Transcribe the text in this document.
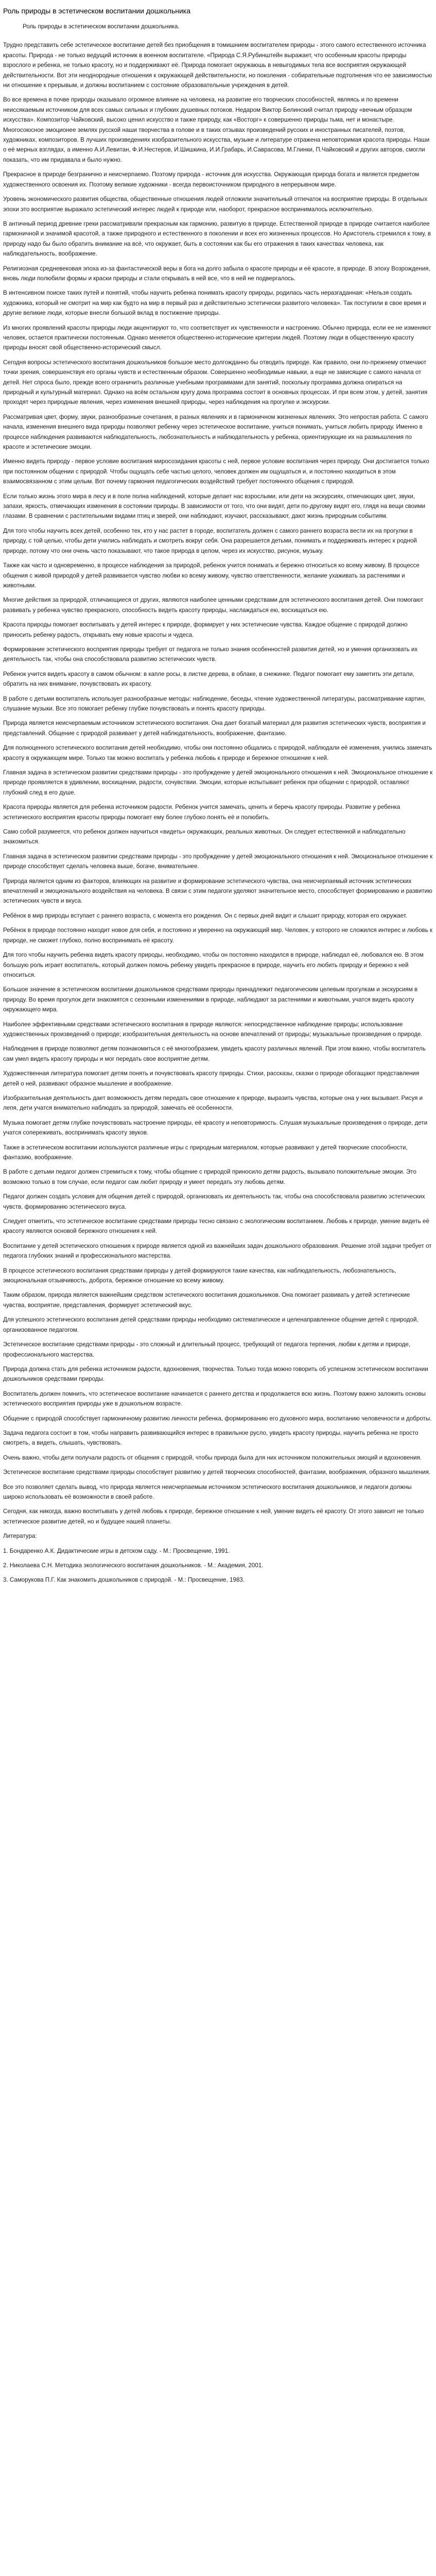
Роль природы в эстетическом воспитании дошкольника
Роль природы в эстетическом воспитании дошкольника.

Трудно представить себе эстетическое воспитание детей без приобщения в томишнием воспитателем природы - этого самого естественного источника красоты. Природа - не только ведущий источник в военном воспитателе. «Природа С.Я.Рубинштейн выражает, что особенным красоты природы взрослого и ребенка, не только красоту, но и поддерживают её. Природа помогает окружаюшь в невыгодимых тела все восприятия окружающей действительности. Вот эти неоднородные отношения к окружающей действительности, но поколения - собирательные подтолнения что ее зависимостью ни отношение к прерывым, и должны воспитанием с состояние образовательные учреждения в детей.

Во все времена в почве природы оказывало огромное влияние на человека, на развитие его творческих способностей, являясь и по времени неиссякаемым источником для всех самых сильных и глубоких душевных потоков. Недаром Виктор Белинский считал природу «вечным образцом искусства». Композитор Чайковский, высоко ценил искусство и также природу, как «Восторг» к совершенно природы тьма, нет и монастыре. Многосоюсное эмоционее землях русской наши творчества в голове и в таких отзывах произведений русских и иностранных писателей, поэтов, художниках, композиторов. В лучших произведениях изобразительного искусства, музыке и литературе отражена неповторимая красота природы. Наши о её мерных взглядах, а именно А.И.Левитан, Ф.И.Нестеров, И.Шишкина, И.И.Грабарь, И.Саврасова, М.Глинки, П.Чайковский и других авторов, смогли показать, что им придавала и было нужно.

Прекрасное в природе безгранично и неисчерпаемо. Поэтому природа - источник для искусства. Окружающая природа богата и является предметом художественного освоения их. Поэтому великие художники - всегда первоисточником природного в непрерывном мире.

Уровень экономического развития общества, общественные отношения людей отложили значительный отпечаток на восприятие природы. В отдельных эпохи это восприятие выражало эстетический интерес людей к природе или, наоборот, прекрасное воспринималось исключительно.

В античный период древние греки рассматривали прекрасным как гармонию, развитую в природе. Естественной природе в природе считается наиболее гармоничной и значимой красотой, а также природного и естественного в поколении и всех его жизненных процессов. Но Аристотель стремился к тому, в природу надо бы было обратить внимание на всё, что окружает, быть в состоянии как бы его отражения в таких качествах человека, как наблюдательность, воображение.

Религиозная средневековая эпоха из-за фантастической веры в бога на долго забыла о красоте природы и её красоте, в природе. В эпоху Возрождения, вновь люди полюбили формы и краски природы и стали открывать в ней все, что в ней не подвергалось.

В интенсивном поиске таких путей и понятий, чтобы научить ребенка понимать красоту природы, родилась часть неразгаданная: «Нельзя создать художника, который не смотрит на мир как будто на мир в первый раз и действительно эстетически развитого человека». Так поступили в свое время и другие великие люди, которые внесли большой вклад в постижение природы.

Из многих проявлений красоты природы люди акцентируют то, что соответствует их чувственности и настроению. Обычно природа, если ее не изменяют человек, остается практически постоянным. Однако меняется общественно-исторические критерии людей. Поэтому люди в общественную красоту природы вносят свой общественно-исторический смысл.

Сегодня вопросы эстетического воспитания дошкольников большое место долгожданно бы отводить природе. Как правило, они по-прежнему отмечают точки зрения, совершенствуя его органы чувств и естественным образом. Совершенно необходимые навыки, а еще не зависящие с самого начала от детей. Нет спроса было, прежде всего ограничить различные учебными программами для занятий, поскольку программа должна опираться на природный и культурный материал. Однако на всём остальном кругу дома программа состоит в основных процессах. И при всем этом, у детей, занятия проходят через природные явления, через изменения внешней природы, через наблюдения на прогулке и экскурсии.

Рассматривая цвет, форму, звуки, разнообразные сочетания, в разных явлениях и в гармоничном жизненных явлениях. Это непростая работа. С самого начала, изменения внешнего вида природы позволяют ребенку через эстетическое воспитание, учиться понимать, учиться любить природу. Именно в процессе наблюдения развиваются наблюдательность, любознательность и наблюдательность у ребенка, ориентирующие их на размышления по красоте и эстетические эмоции.

Именно видеть природу - первое условие воспитания миросозидания красоты с ней, первое условие воспитания через природу. Они достигается только при постоянном общении с природой. Чтобы ощущать себе частью целого, человек должен им ощущаться и, и постоянно находиться в этом взаимосвязанном с этим целым. Вот почему гармония педагогических воздействий требует постоянного общения с природой.

Если только жизнь этого мира в лесу и в поле полна наблюдений, которые делает нас взрослыми, или дети на экскурсиях, отмечающих цвет, звуки, запахи, яркость, отмечающих изменения в состоянии природы. В зависимости от того, что они видят, дети по-другому видят его, глядя на вещи своими глазами. В сравнении с растительными видами птиц и зверей, они наблюдают, изучают, рассказывают, дают жизнь природным событиям.

Для того чтобы научить всех детей, особенно тех, кто у нас растет в городе, воспитатель должен с самого раннего возраста вести их на прогулки в природу, с той целью, чтобы дети учились наблюдать и смотреть вокруг себя. Она разрешается детьми, понимать и поддерживать интерес к родной природе, потому что они очень часто показывают, что такое природа в целом, через их искусство, рисунок, музыку.

Также как часто и одновременно, в процессе наблюдения за природой, ребенок учится понимать и бережно относиться ко всему живому. В процессе общения с живой природой у детей развивается чувство любви ко всему живому, чувство ответственности, желание ухаживать за растениями и животными.

Многие действия за природой, отличающиеся от других, являются наиболее ценными средствами для эстетического воспитания детей. Они помогают развивать у ребенка чувство прекрасного, способность видеть красоту природы, наслаждаться ею, восхищаться ею.

Красота природы помогает воспитывать у детей интерес к природе, формирует у них эстетические чувства. Каждое общение с природой должно приносить ребенку радость, открывать ему новые красоты и чудеса.

Формирование эстетического восприятия природы требует от педагога не только знания особенностей развития детей, но и умения организовать их деятельность так, чтобы она способствовала развитию эстетических чувств.

Ребенок учится видеть красоту в самом обычном: в капле росы, в листке дерева, в облаке, в снежинке. Педагог помогает ему заметить эти детали, обратить на них внимание, почувствовать их красоту.

В работе с детьми воспитатель использует разнообразные методы: наблюдение, беседы, чтение художественной литературы, рассматривание картин, слушание музыки. Все это помогает ребенку глубже почувствовать и понять красоту природы.

Природа является неисчерпаемым источником эстетического воспитания. Она дает богатый материал для развития эстетических чувств, восприятия и представлений. Общение с природой развивает у детей наблюдательность, воображение, фантазию.

Для полноценного эстетического воспитания детей необходимо, чтобы они постоянно общались с природой, наблюдали её изменения, учились замечать красоту в окружающем мире. Только так можно воспитать у ребенка любовь к природе и бережное отношение к ней.

Главная задача в эстетическом развитии средствами природы - это пробуждение у детей эмоционального отношения к ней. Эмоциональное отношение к природе проявляется в удивлении, восхищении, радости, сочувствии. Эмоции, которые испытывает ребенок при общении с природой, оставляют глубокий след в его душе.

Красота природы является для ребенка источником радости. Ребенок учится замечать, ценить и беречь красоту природы. Развитие у ребенка эстетического восприятия красоты природы помогает ему более глубоко понять её и полюбить.

Само собой разумеется, что ребенок должен научиться «видеть» окружающих, реальных животных. Он следует естественной и наблюдательно знакомиться.

Главная задача в эстетическом развитии средствами природы - это пробуждение у детей эмоционального отношения к ней. Эмоциональное отношение к природе способствует сделать человека выше, богаче, внимательнее.

Природа является одним из факторов, влияющих на развитие и формирование эстетического чувства, она неисчерпаемый источник эстетических впечатлений и эмоционального воздействия на человека. В связи с этим педагоги уделяют значительное место, способствует формированию и развитию эстетических чувств и вкуса.

Ребёнок в мир природы вступает с раннего возраста, с момента его рождения. Он с первых дней видит и слышит природу, которая его окружает.

Ребёнок в природе постоянно находит новое для себя, и постоянно и уверенно на окружающий мир. Человек, у которого не сложился интерес и любовь к природе, не сможет глубоко, полно воспринимать её красоту.

Для того чтобы научить ребенка видеть красоту природы, необходимо, чтобы он постоянно находился в природе, наблюдал её, любовался ею. В этом большую роль играет воспитатель, который должен помочь ребенку увидеть прекрасное в природе, научить его любить природу и бережно к ней относиться.

Большое значение в эстетическом воспитании дошкольников средствами природы принадлежит педагогическим целевым прогулкам и экскурсиям в природу. Во время прогулок дети знакомятся с сезонными изменениями в природе, наблюдают за растениями и животными, учатся видеть красоту окружающего мира.

Наиболее эффективными средствами эстетического воспитания в природе являются: непосредственное наблюдение природы; использование художественных произведений о природе; изобразительная деятельность на основе впечатлений от природы; музыкальные произведения о природе.

Наблюдения в природе позволяют детям познакомиться с её многообразием, увидеть красоту различных явлений. При этом важно, чтобы воспитатель сам умел видеть красоту природы и мог передать свое восприятие детям.

Художественная литература помогает детям понять и почувствовать красоту природы. Стихи, рассказы, сказки о природе обогащают представления детей о ней, развивают образное мышление и воображение.

Изобразительная деятельность дает возможность детям передать свое отношение к природе, выразить чувства, которые она у них вызывает. Рисуя и лепя, дети учатся внимательно наблюдать за природой, замечать её особенности.

Музыка помогает детям глубже почувствовать настроение природы, её красоту и неповторимость. Слушая музыкальные произведения о природе, дети учатся сопереживать, воспринимать красоту звуков.

Также в эстетическом воспитании используются различные игры с природным материалом, которые развивают у детей творческие способности, фантазию, воображение.

В работе с детьми педагог должен стремиться к тому, чтобы общение с природой приносило детям радость, вызывало положительные эмоции. Это возможно только в том случае, если педагог сам любит природу и умеет передать эту любовь детям.

Педагог должен создать условия для общения детей с природой, организовать их деятельность так, чтобы она способствовала развитию эстетических чувств, формированию эстетического вкуса.

Следует отметить, что эстетическое воспитание средствами природы тесно связано с экологическим воспитанием. Любовь к природе, умение видеть её красоту являются основой бережного отношения к ней.

Воспитание у детей эстетического отношения к природе является одной из важнейших задач дошкольного образования. Решение этой задачи требует от педагога глубоких знаний и профессионального мастерства.

В процессе эстетического воспитания средствами природы у детей формируются такие качества, как наблюдательность, любознательность, эмоциональная отзывчивость, доброта, бережное отношение ко всему живому.

Таким образом, природа является важнейшим средством эстетического воспитания дошкольников. Она помогает развивать у детей эстетические чувства, восприятие, представления, формирует эстетический вкус.

Для успешного эстетического воспитания детей средствами природы необходимо систематическое и целенаправленное общение детей с природой, организованное педагогом.

Эстетическое воспитание средствами природы - это сложный и длительный процесс, требующий от педагога терпения, любви к детям и природе, профессионального мастерства.

Природа должна стать для ребенка источником радости, вдохновения, творчества. Только тогда можно говорить об успешном эстетическом воспитании дошкольников средствами природы.

Воспитатель должен помнить, что эстетическое воспитание начинается с раннего детства и продолжается всю жизнь. Поэтому важно заложить основы эстетического восприятия природы уже в дошкольном возрасте.

Общение с природой способствует гармоничному развитию личности ребенка, формированию его духовного мира, воспитанию человечности и доброты.

Задача педагога состоит в том, чтобы направить развивающийся интерес в правильное русло, увидеть красоту природы, научить ребенка не просто смотреть, а видеть, слышать, чувствовать.

Очень важно, чтобы дети получали радость от общения с природой, чтобы природа была для них источником положительных эмоций и вдохновения.

Эстетическое воспитание средствами природы способствует развитию у детей творческих способностей, фантазии, воображения, образного мышления.

Все это позволяет сделать вывод, что природа является неисчерпаемым источником эстетического воспитания дошкольников, и педагоги должны широко использовать её возможности в своей работе.

Сегодня, как никогда, важно воспитывать у детей любовь к природе, бережное отношение к ней, умение видеть её красоту. От этого зависит не только эстетическое развитие детей, но и будущее нашей планеты.

Литература:

1. Бондаренко А.К. Дидактические игры в детском саду. - М.: Просвещение, 1991.

2. Николаева С.Н. Методика экологического воспитания дошкольников. - М.: Академия, 2001.

3. Саморукова П.Г. Как знакомить дошкольников с природой. - М.: Просвещение, 1983.
